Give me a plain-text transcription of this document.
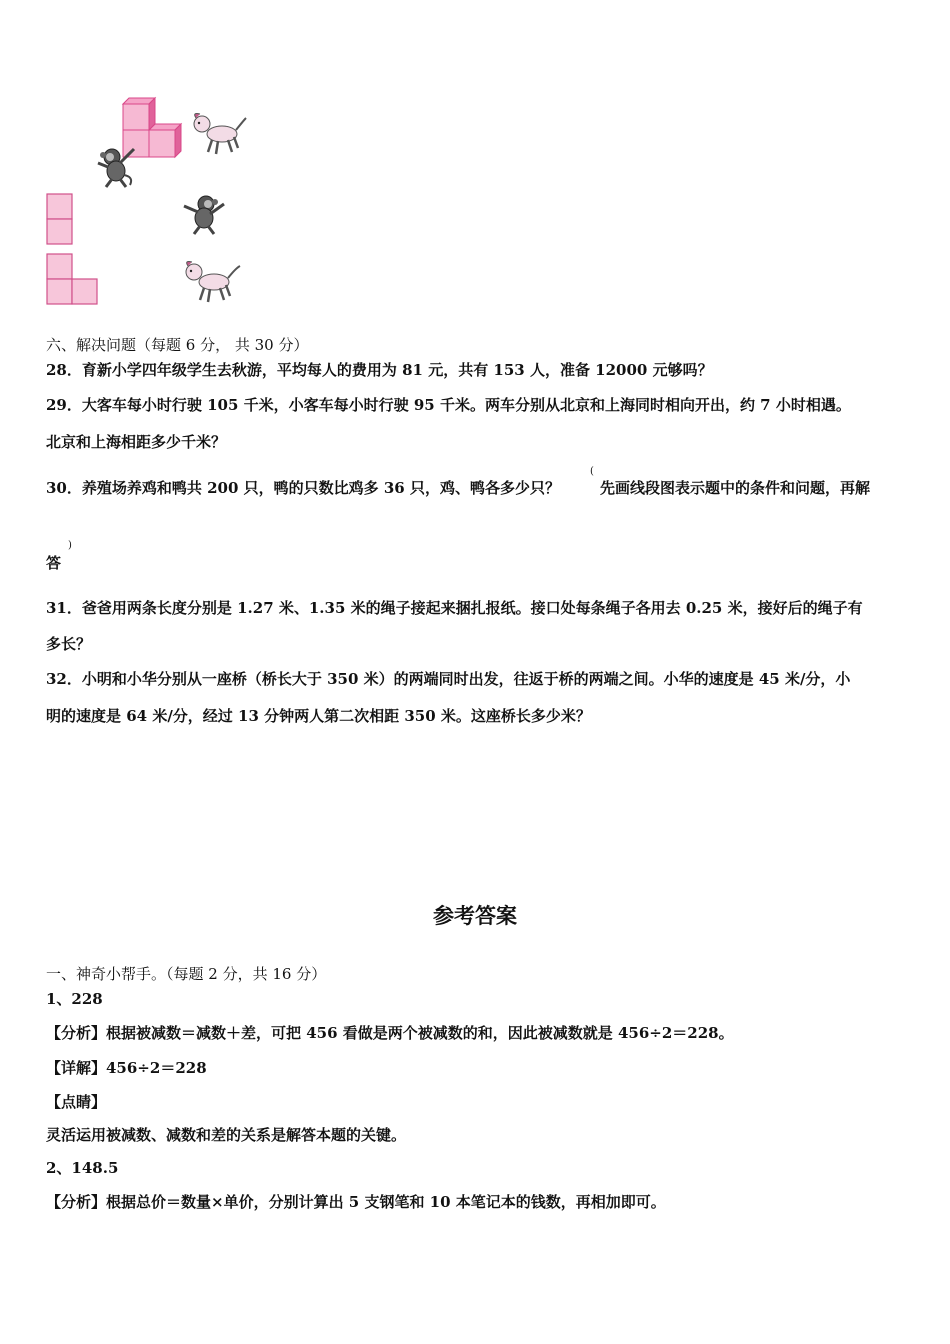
六、解决问题（每题 6 分， 共 30 分）
28．育新小学四年级学生去秋游，平均每人的费用为 81 元，共有 153 人，准备 12000 元够吗？
29．大客车每小时行驶 105 千米，小客车每小时行驶 95 千米。两车分别从北京和上海同时相向开出，约 7 小时相遇。
北京和上海相距多少千米？
30．养殖场养鸡和鸭共 200 只，鸭的只数比鸡多 36 只，鸡、鸭各多少只？
(
先画线段图表示题中的条件和问题，再解
答
)
31．爸爸用两条长度分别是 1.27 米、1.35 米的绳子接起来捆扎报纸。接口处每条绳子各用去 0.25 米，接好后的绳子有
多长？
32．小明和小华分别从一座桥（桥长大于 350 米）的两端同时出发，往返于桥的两端之间。小华的速度是 45 米/分，小
明的速度是 64 米/分，经过 13 分钟两人第二次相距 350 米。这座桥长多少米？
参考答案
一、神奇小帮手。（每题 2 分，共 16 分）
1、228
【分析】根据被减数＝减数＋差，可把 456 看做是两个被减数的和，因此被减数就是 456÷2＝228。
【详解】456÷2＝228
【点睛】
灵活运用被减数、减数和差的关系是解答本题的关键。
2、148.5
【分析】根据总价＝数量×单价，分别计算出 5 支钢笔和 10 本笔记本的钱数，再相加即可。
